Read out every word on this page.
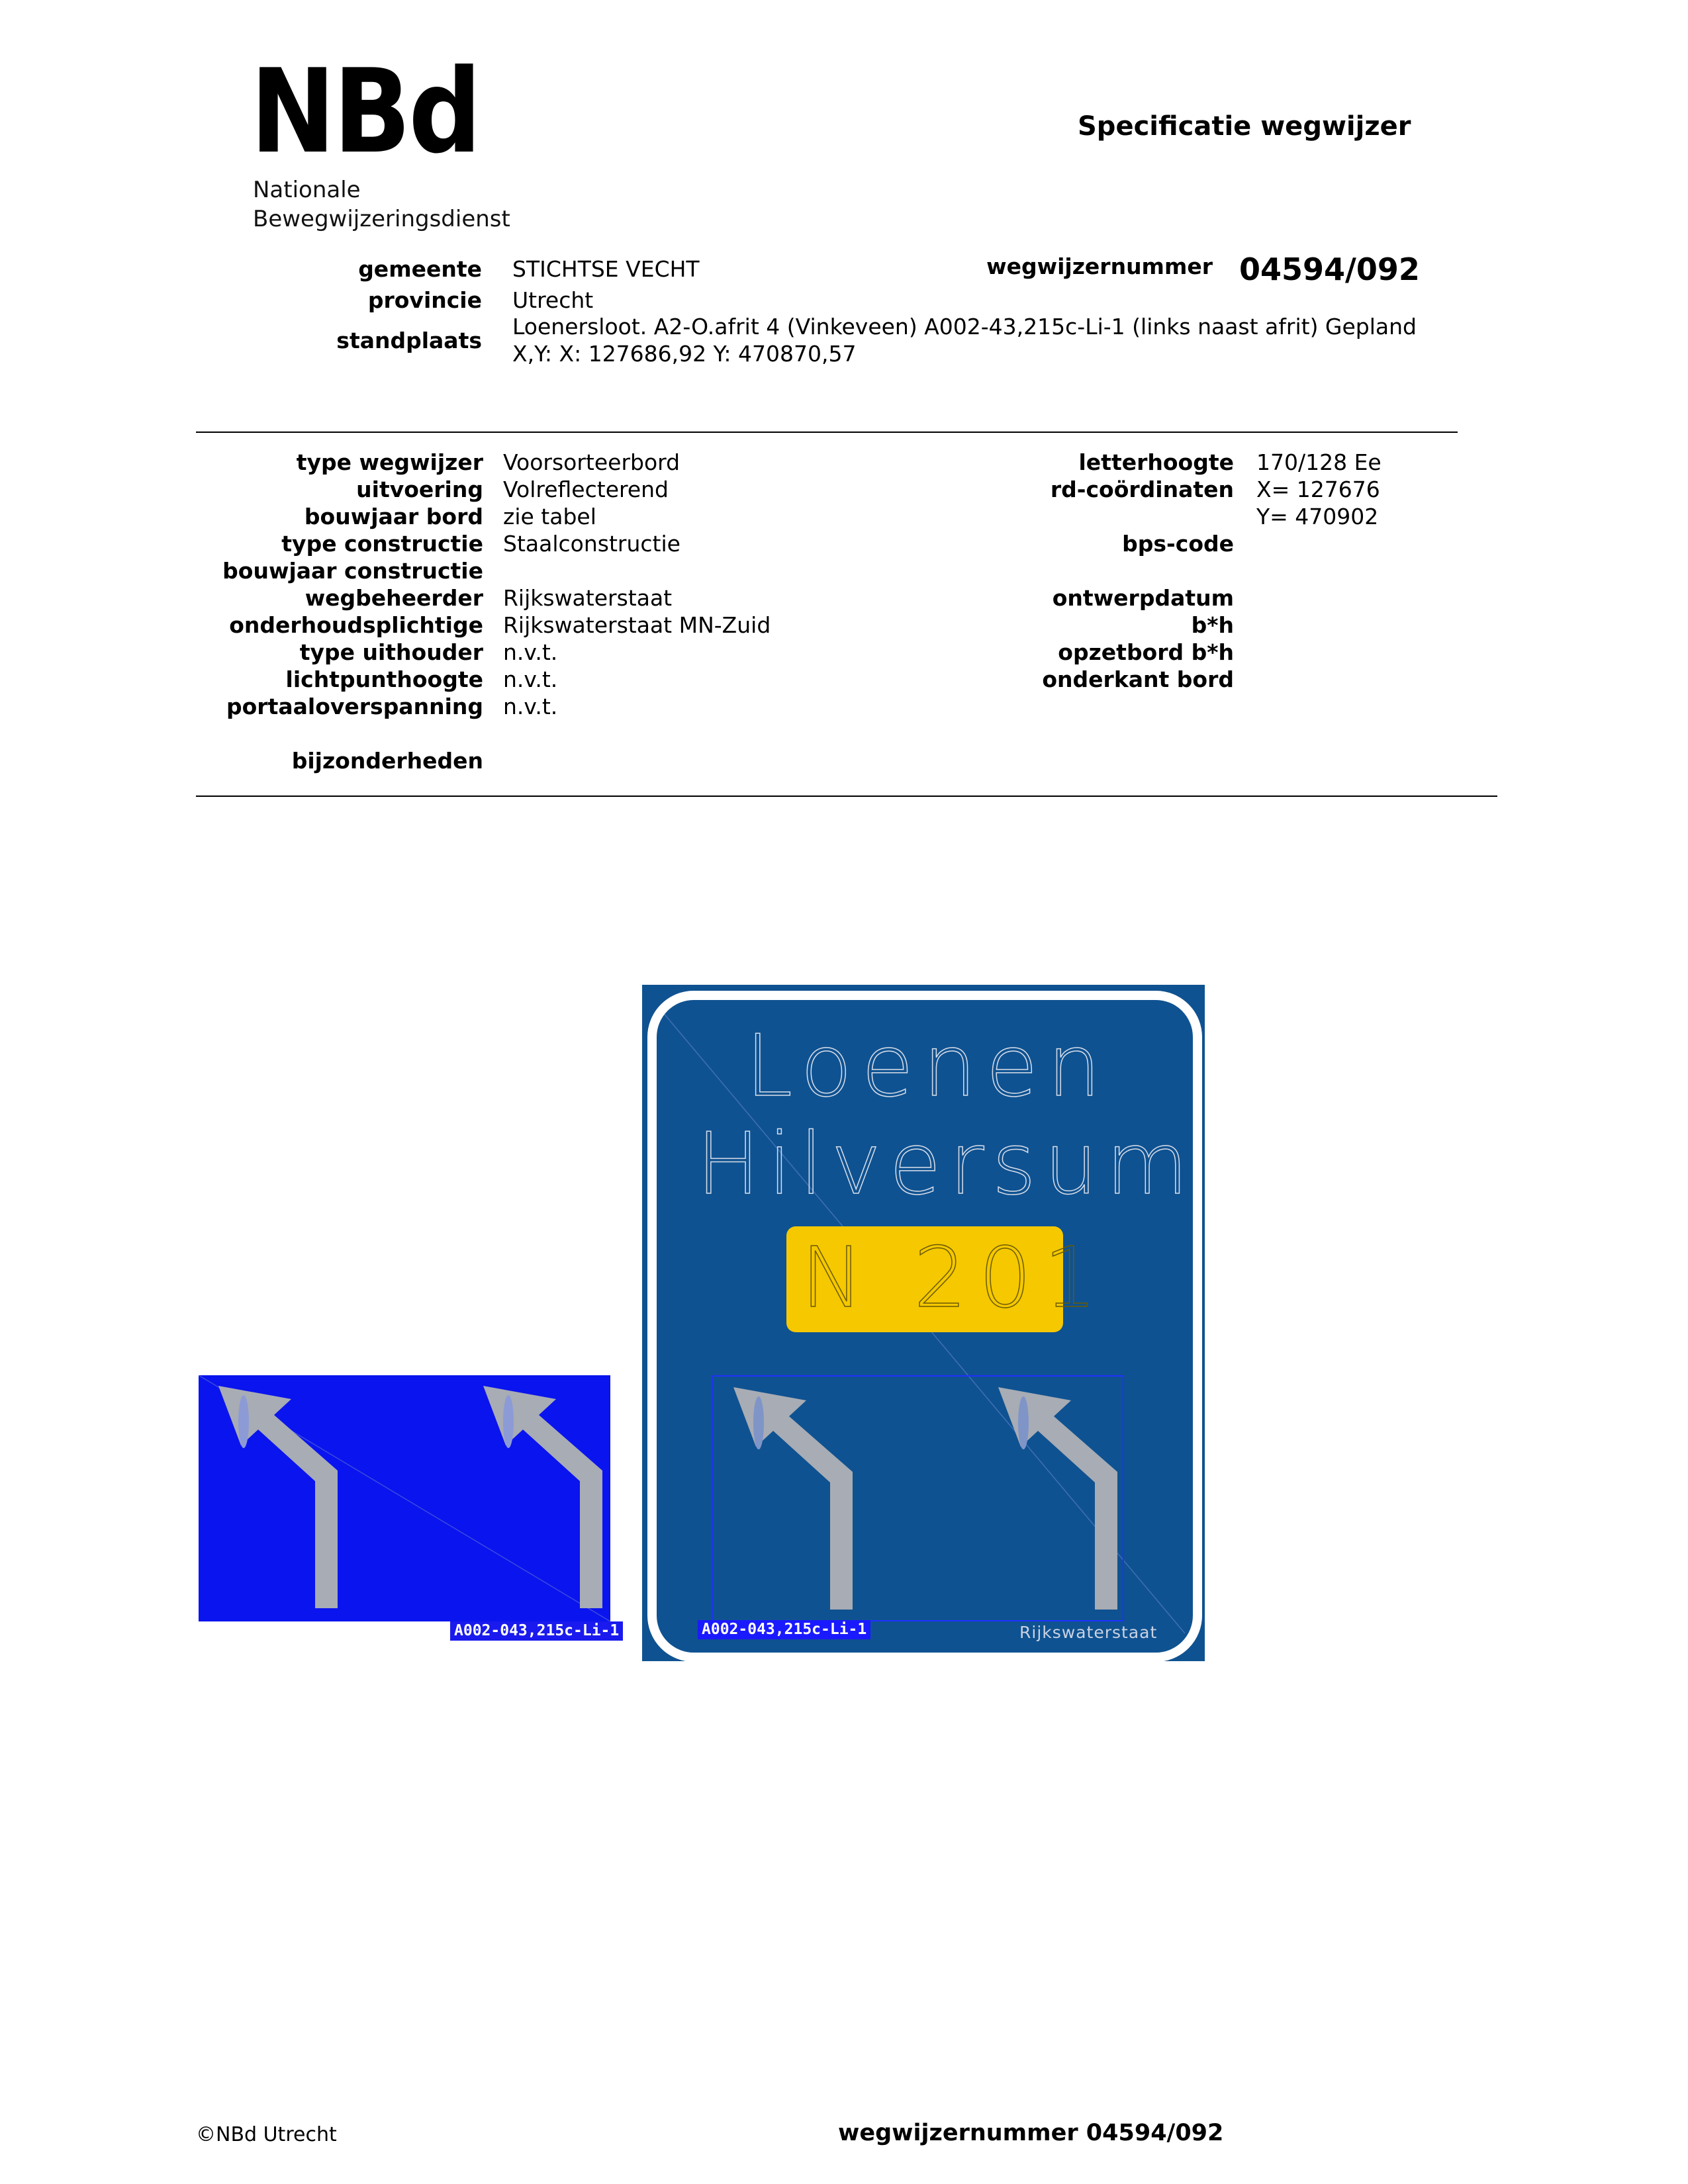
NBd
Nationale
Bewegwijzeringsdienst
Specificatie wegwijzer
gemeente STICHTSE VECHT	wegwijzernummer 04594/092
provincie Utrecht
standplaats
Loenersloot. A2-O.afrit 4 (Vinkeveen) A002-43,215c-Li-1 (links naast afrit) Gepland
X,Y: X: 127686,92 Y: 470870,57
type wegwijzer Voorsorteerbord
uitvoering Volreflecterend
bouwjaar bord zie tabel
type constructie Staalconstructie
bouwjaar constructie
wegbeheerder Rijkswaterstaat
onderhoudsplichtige Rijkswaterstaat MN-Zuid
type uithouder n.v.t.
lichtpunthoogte n.v.t.
portaaloverspanning n.v.t.
bijzonderheden
letterhoogte 170/128 Ee
rd-coördinaten X= 127676
Y= 470902
bps-code
ontwerpdatum
b*h
opzetbord b*h
onderkant bord
A002-043,215c-Li-1
Loenen
Hilversum
N 201
A002-043,215c-Li-1	Rijkswaterstaat
©NBd Utrecht	wegwijzernummer 04594/092
